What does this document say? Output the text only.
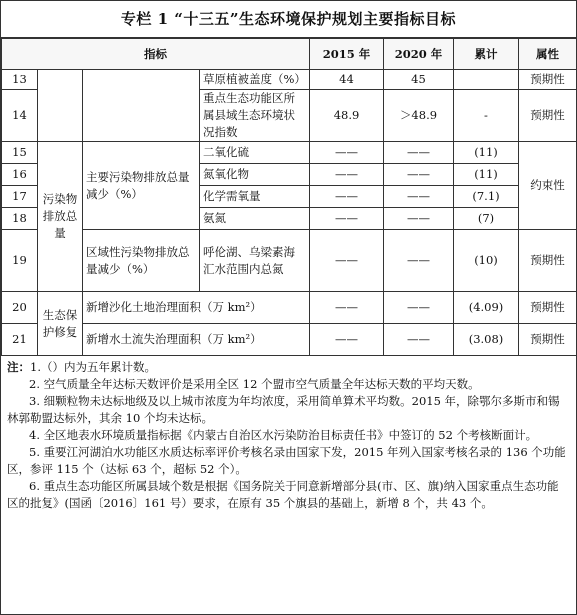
专栏 1 “十三五”生态环境保护规划主要指标目标
指标				2015 年	2020 年	累计	属性
13			草原植被盖度（%）	44	45		预期性
14			重点生态功能区所属县域生态环境状况指数	48.9	＞48.9	-	预期性
15	污染物排放总量	主要污染物排放总量减少（%）	二氧化硫	——	——	(11)	约束性
16			氮氧化物	——	——	(11)	
17			化学需氧量	——	——	(7.1)	
18			氨氮	——	——	(7)	
19		区域性污染物排放总量减少（%）	呼伦湖、乌梁素海汇水范围内总氮	——	——	(10)	预期性
20	生态保护修复	新增沙化土地治理面积（万 km²）		——	——	(4.09)	预期性
21		新增水土流失治理面积（万 km²）		——	——	(3.08)	预期性

注：1.（）内为五年累计数。

2. 空气质量全年达标天数评价是采用全区 12 个盟市空气质量全年达标天数的平均天数。

3. 细颗粒物未达标地级及以上城市浓度为年均浓度，采用简单算术平均数。2015 年，除鄂尔多斯市和锡林郭勒盟达标外，其余 10 个均未达标。

4. 全区地表水环境质量指标据《内蒙古自治区水污染防治目标责任书》中签订的 52 个考核断面计。

5. 重要江河湖泊水功能区水质达标率评价考核名录由国家下发，2015 年列入国家考核名录的 136 个功能区，参评 115 个（达标 63 个，超标 52 个）。

6. 重点生态功能区所属县域个数是根据《国务院关于同意新增部分县(市、区、旗)纳入国家重点生态功能区的批复》(国函〔2016〕161 号）要求，在原有 35 个旗县的基础上，新增 8 个，共 43 个。
